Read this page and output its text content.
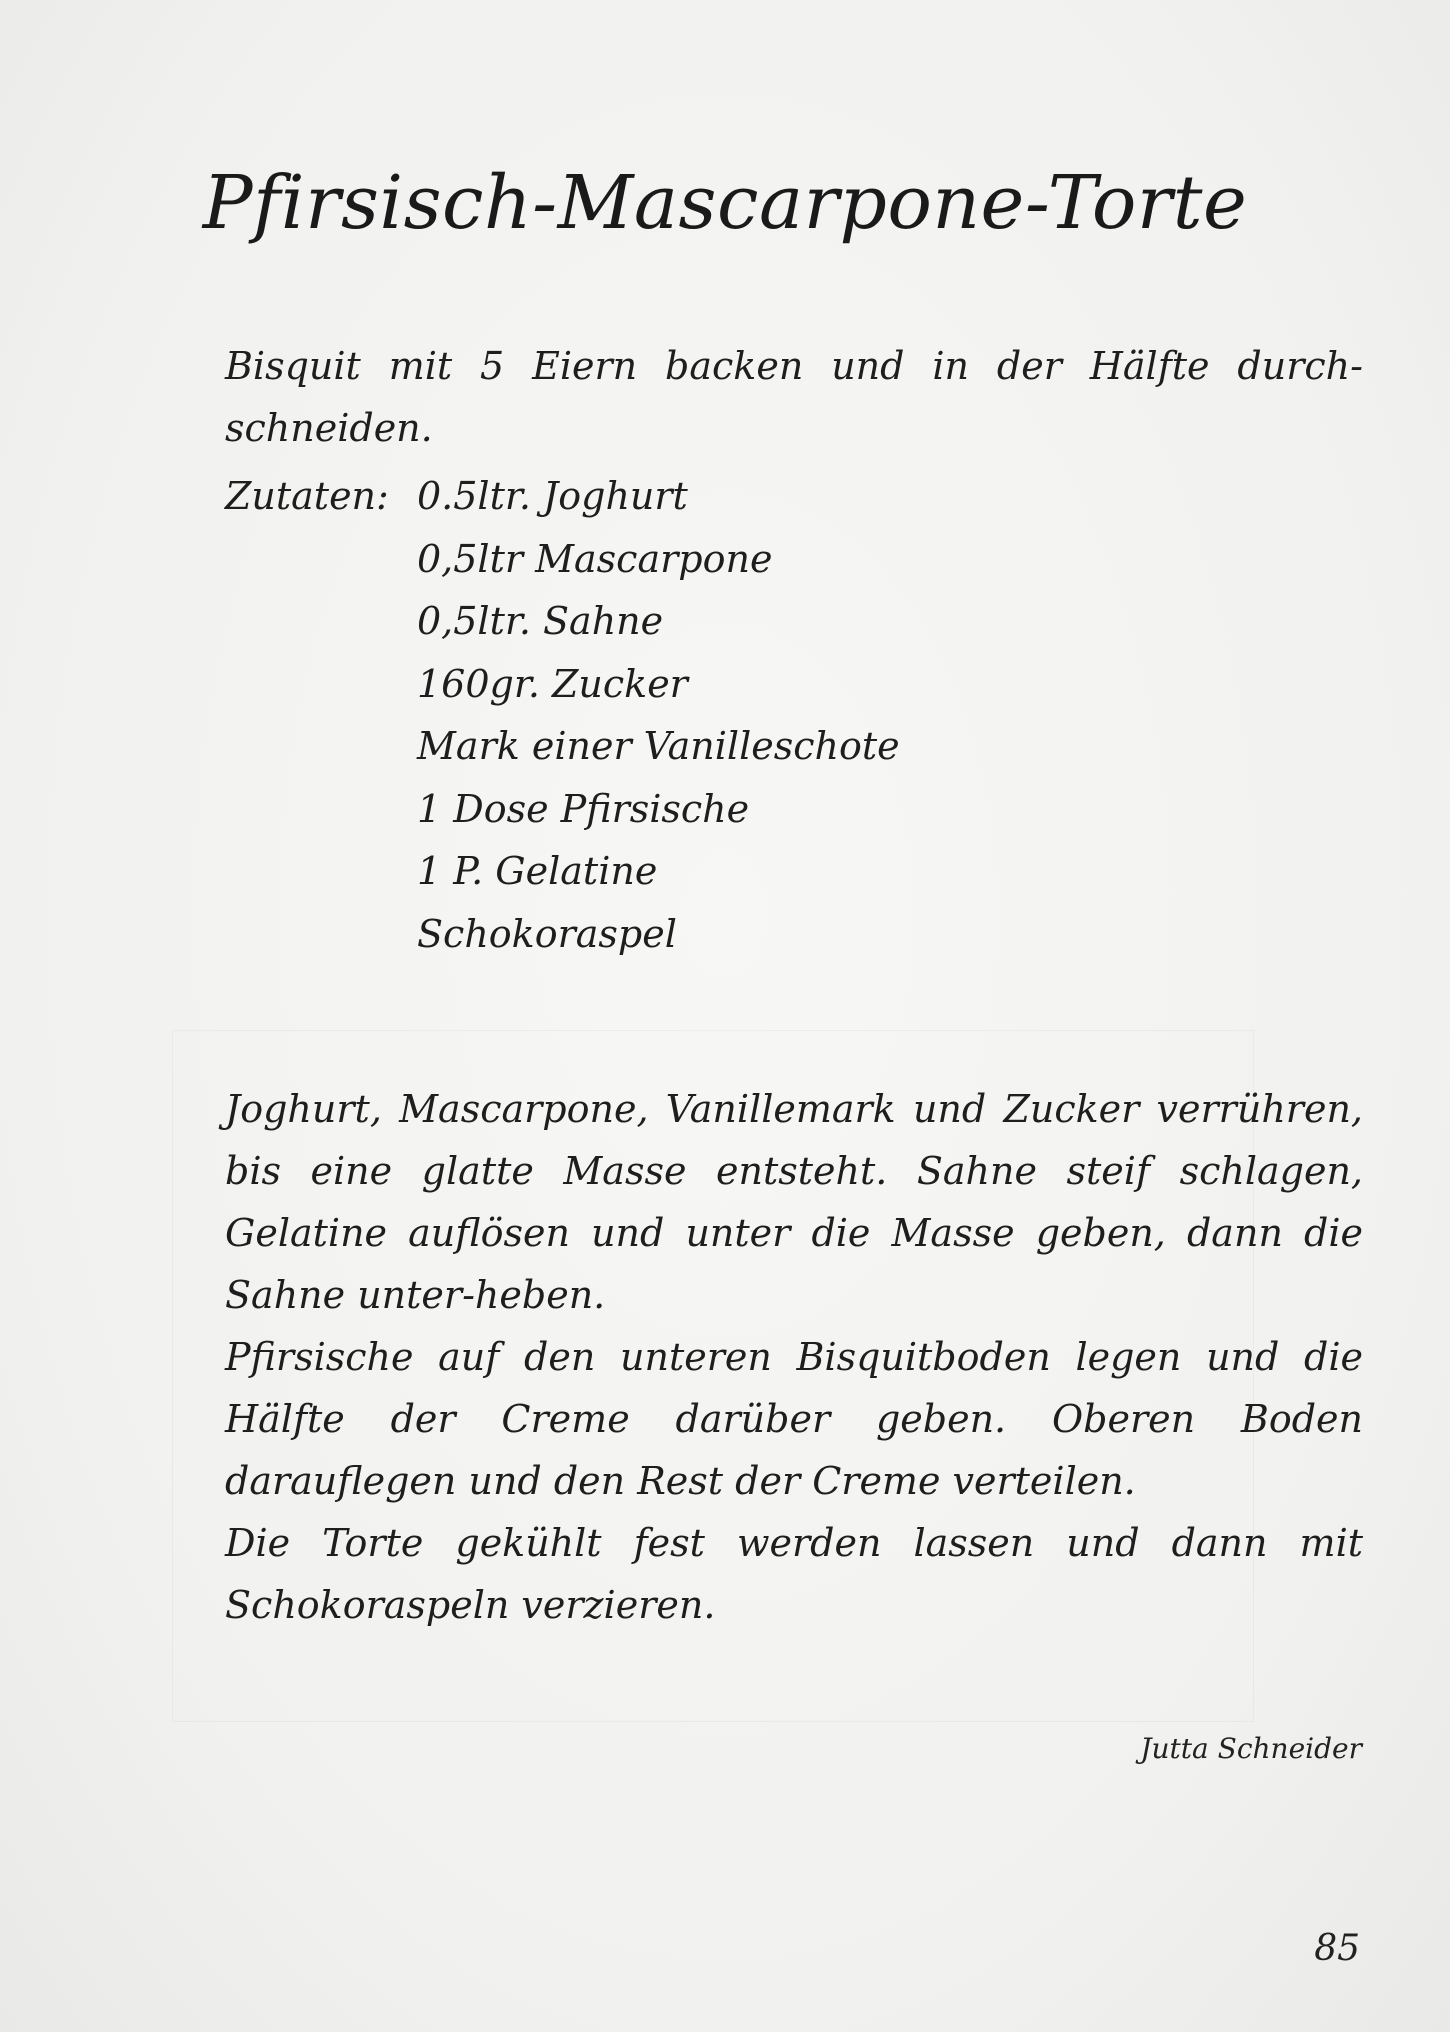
Pfirsisch-Mascarpone-Torte
Bisquit mit 5 Eiern backen und in der Hälfte durch-schneiden.
Zutaten: 0.5ltr. Joghurt
0,5ltr Mascarpone
0,5ltr. Sahne
160gr. Zucker
Mark einer Vanilleschote
1 Dose Pfirsische
1 P. Gelatine
Schokoraspel

Joghurt, Mascarpone, Vanillemark und Zucker verrühren, bis eine glatte Masse entsteht. Sahne steif schlagen, Gelatine auflösen und unter die Masse geben, dann die Sahne unter-heben.

Pfirsische auf den unteren Bisquitboden legen und die Hälfte der Creme darüber geben. Oberen Boden darauflegen und den Rest der Creme verteilen.

Die Torte gekühlt fest werden lassen und dann mit Schokoraspeln verzieren.

Jutta Schneider
85
